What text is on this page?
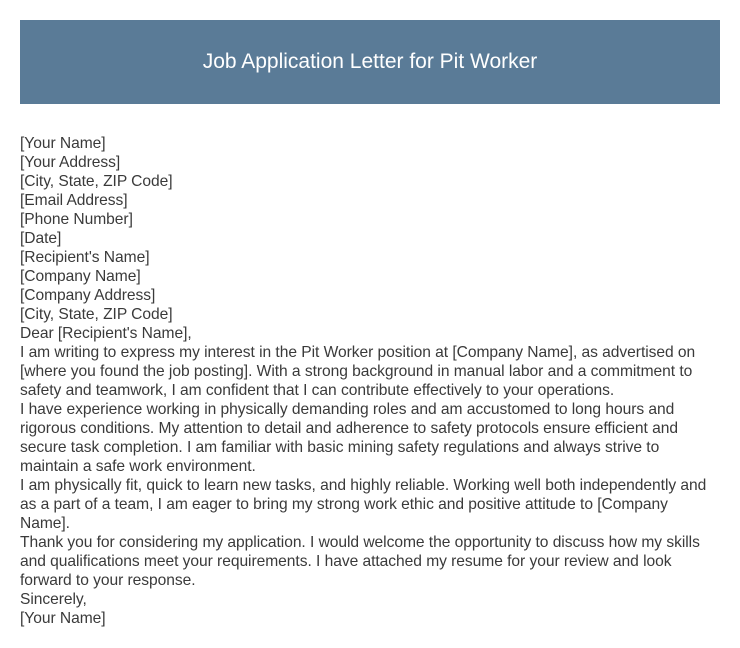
Job Application Letter for Pit Worker

[Your Name]

[Your Address]

[City, State, ZIP Code]

[Email Address]

[Phone Number]

[Date]

[Recipient's Name]

[Company Name]

[Company Address]

[City, State, ZIP Code]

Dear [Recipient's Name],

I am writing to express my interest in the Pit Worker position at [Company Name], as advertised on [where you found the job posting]. With a strong background in manual labor and a commitment to safety and teamwork, I am confident that I can contribute effectively to your operations.

I have experience working in physically demanding roles and am accustomed to long hours and rigorous conditions. My attention to detail and adherence to safety protocols ensure efficient and secure task completion. I am familiar with basic mining safety regulations and always strive to maintain a safe work environment.

I am physically fit, quick to learn new tasks, and highly reliable. Working well both independently and as a part of a team, I am eager to bring my strong work ethic and positive attitude to [Company Name].

Thank you for considering my application. I would welcome the opportunity to discuss how my skills and qualifications meet your requirements. I have attached my resume for your review and look forward to your response.

Sincerely,

[Your Name]
